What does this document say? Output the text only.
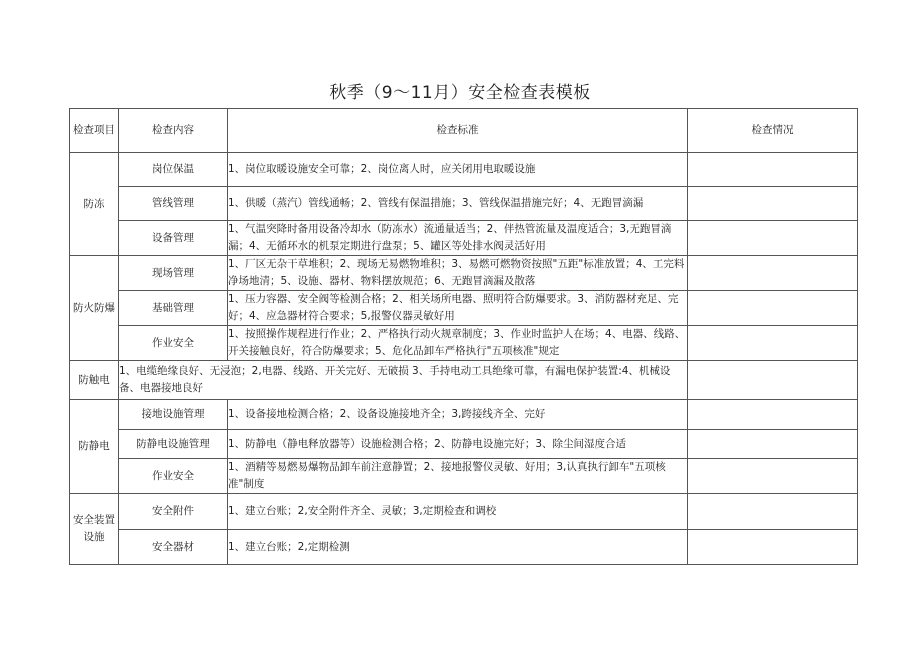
秋季（9～11月）安全检查表模板
检查项目	检查内容	检查标准	检查情况
防冻	岗位保温	1、岗位取暖设施安全可靠；2、岗位离人时，应关闭用电取暖设施	
	管线管理	1、供暖（蒸汽）管线通畅；2、管线有保温措施；3、管线保温措施完好；4、无跑冒滴漏	
	设备管理	1、气温突降时备用设备冷却水（防冻水）流通量适当；2、伴热管流量及温度适合；3,无跑冒滴漏；4、无循环水的机泵定期进行盘泵；5、罐区等处排水阀灵活好用	
防火防爆	现场管理	1、厂区无杂干草堆积；2、现场无易燃物堆积；3、易燃可燃物资按照"五距"标准放置；4、工完料净场地清；5、设施、器材、物料摆放规范；6、无跑冒滴漏及散落	
	基础管理	1、压力容器、安全阀等检测合格；2、相关场所电器、照明符合防爆要求。3、消防器材充足、完好；4、应急器材符合要求；5,报警仪器灵敏好用	
	作业安全	1、按照操作规程进行作业；2、严格执行动火规章制度；3、作业时监护人在场；4、电器、线路、开关接触良好，符合防爆要求；5、危化品卸车严格执行"五项核准"规定	
防触电	1、电缆绝缘良好、无浸泡；2,电器、线路、开关完好、无破损 3、手持电动工具绝缘可靠，有漏电保护装置:4、机械设备、电器接地良好		
防静电	接地设施管理	1、设备接地检测合格；2、设备设施接地齐全；3,跨接线齐全、完好	
	防静电设施管理	1、防静电（静电释放器等）设施检测合格；2、防静电设施完好；3、除尘间湿度合适	
	作业安全	1、酒精等易燃易爆物品卸车前注意静置；2、接地报警仪灵敏、好用；3,认真执行卸车"五项核准"制度	
安全装置设施	安全附件	1、建立台账；2,安全附件齐全、灵敏；3,定期检查和调校	
	安全器材	1、建立台账；2,定期检测	
